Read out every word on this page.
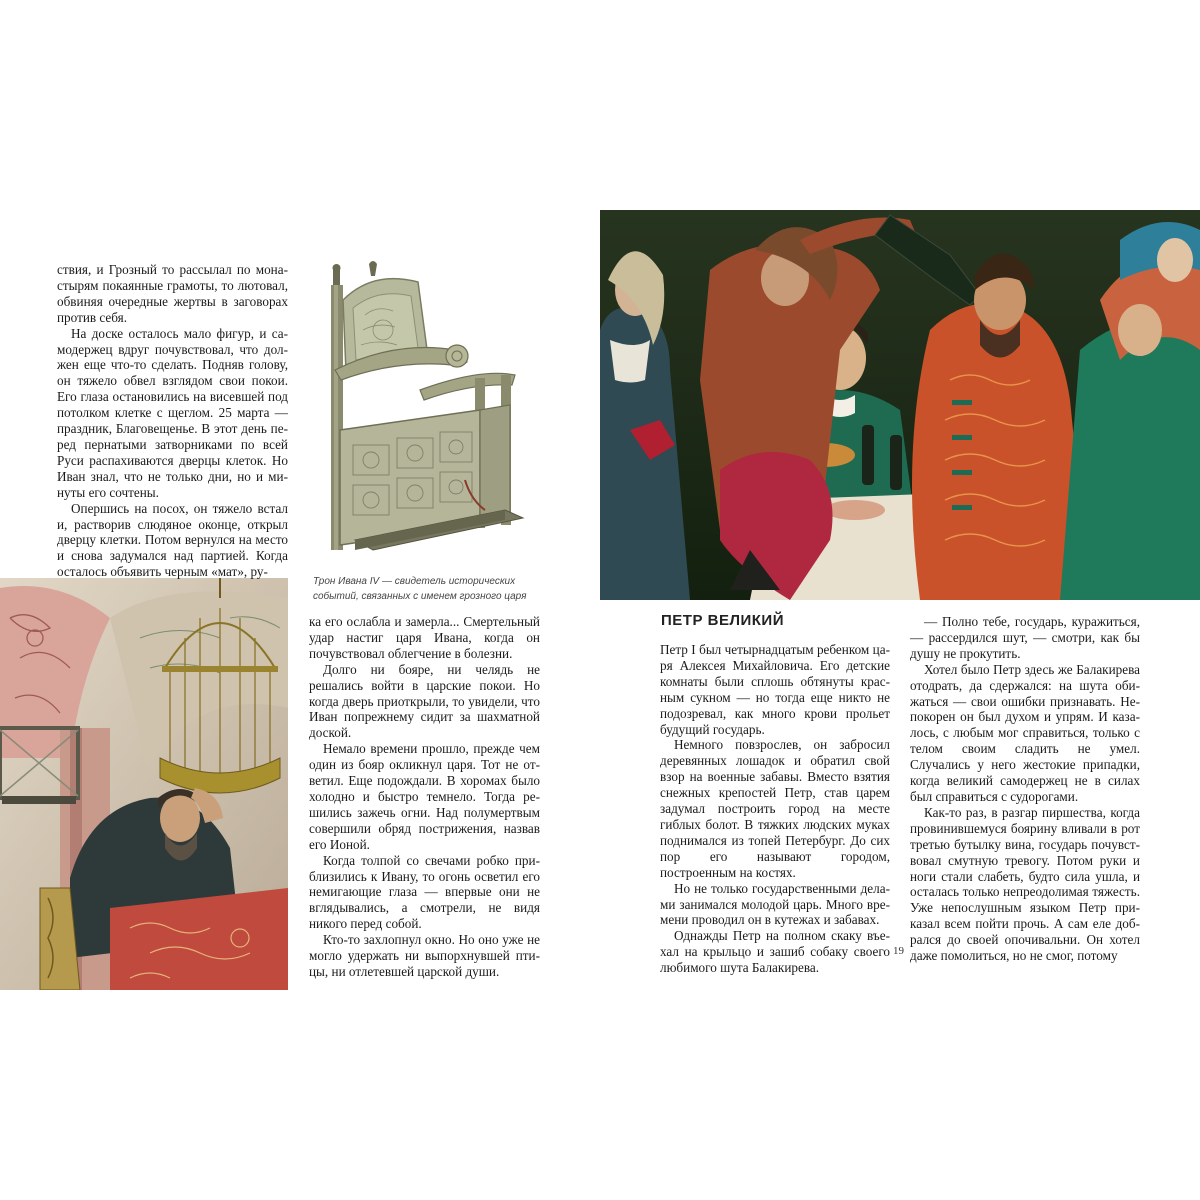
Трон Ивана IV — свидетель исторических событий, связанных с именем грозного царя

ствия, и Грозный то рассылал по монастырям покаянные грамоты, то лютовал, обвиняя очередные жертвы в заговорах против себя.

На доске осталось мало фигур, и самодержец вдруг почувствовал, что должен еще что-то сделать. Подняв голову, он тяжело обвел взглядом свои покои. Его глаза остановились на висевшей под потолком клетке с щеглом. 25 марта — праздник, Благовещенье. В этот день перед пернатыми затворниками по всей Руси распахиваются дверцы клеток. Но Иван знал, что не только дни, но и минуты его сочтены.

Опершись на посох, он тяжело встал и, растворив слюдяное оконце, открыл дверцу клетки. Потом вернулся на место и снова задумался над партией. Когда осталось объявить черным «мат», ру-

ка его ослабла и замерла... Смертельный удар настиг царя Ивана, когда он почувствовал облегчение в болезни.

Долго ни бояре, ни челядь не решались войти в царские покои. Но когда дверь приоткрыли, то увидели, что Иван попрежнему сидит за шахматной доской.

Немало времени прошло, прежде чем один из бояр окликнул царя. Тот не ответил. Еще подождали. В хоромах было холодно и быстро темнело. Тогда решились зажечь огни. Над полумертвым совершили обряд пострижения, назвав его Ионой.

Когда толпой со свечами робко приблизились к Ивану, то огонь осветил его немигающие глаза — впервые они не вглядывались, а смотрели, не видя никого перед собой.

Кто-то захлопнул окно. Но оно уже не могло удержать ни выпорхнувшей птицы, ни отлетевшей царской души.

ПЕТР ВЕЛИКИЙ

Петр I был четырнадцатым ребенком царя Алексея Михайловича. Его детские комнаты были сплошь обтянуты красным сукном — но тогда еще никто не подозревал, как много крови прольет будущий государь.

Немного повзрослев, он забросил деревянных лошадок и обратил свой взор на военные забавы. Вместо взятия снежных крепостей Петр, став царем задумал построить город на месте гиблых болот. В тяжких людских муках поднимался из топей Петербург. До сих пор его называют городом, построенным на костях.

Но не только государственными делами занимался молодой царь. Много времени проводил он в кутежах и забавах.

Однажды Петр на полном скаку въехал на крыльцо и зашиб собаку своего любимого шута Балакирева.

— Полно тебе, государь, куражиться, — рассердился шут, — смотри, как бы душу не прокутить.

Хотел было Петр здесь же Балакирева отодрать, да сдержался: на шута обижаться — свои ошибки признавать. Непокорен он был духом и упрям. И казалось, с любым мог справиться, только с телом своим сладить не умел. Случались у него жестокие припадки, когда великий самодержец не в силах был справиться с судорогами.

Как-то раз, в разгар пиршества, когда провинившемуся боярину вливали в рот третью бутылку вина, государь почувствовал смутную тревогу. Потом руки и ноги стали слабеть, будто сила ушла, и осталась только непреодолимая тяжесть. Уже непослушным языком Петр приказал всем пойти прочь. А сам еле добрался до своей опочивальни. Он хотел даже помолиться, но не смог, потому

19
